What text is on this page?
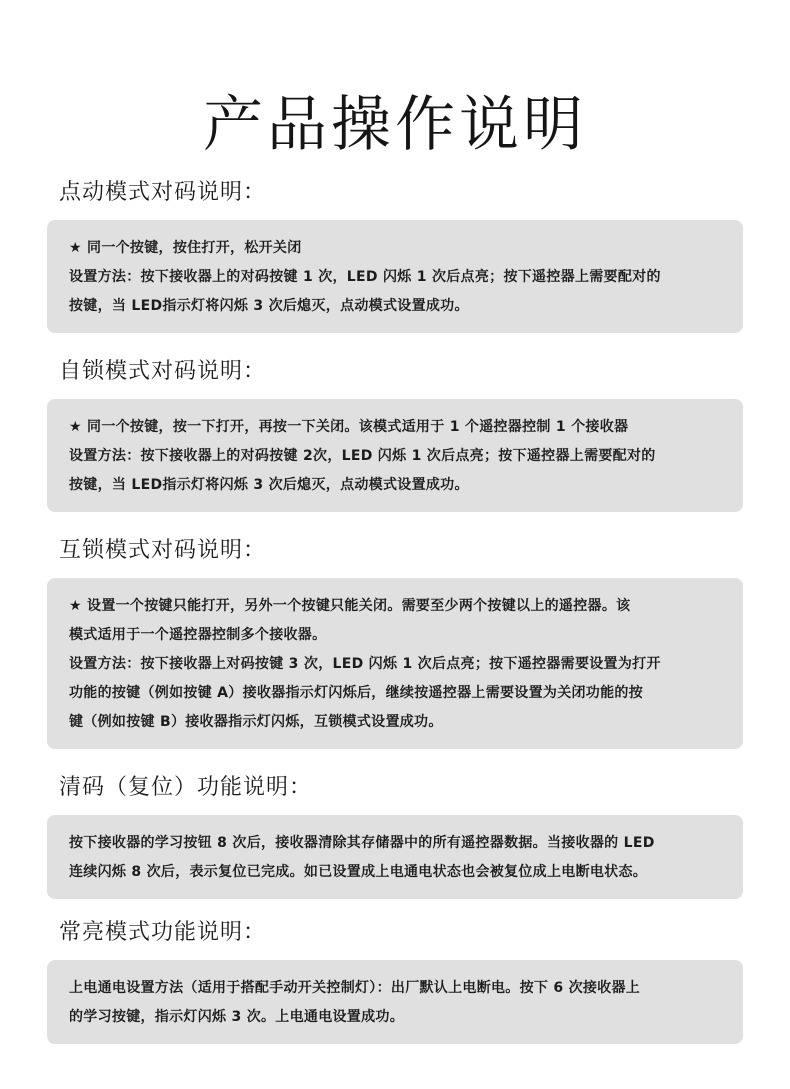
产品操作说明
点动模式对码说明：

★ 同一个按键，按住打开，松开关闭

设置方法：按下接收器上的对码按键 1 次，LED 闪烁 1 次后点亮；按下遥控器上需要配对的

按键，当 LED指示灯将闪烁 3 次后熄灭，点动模式设置成功。

自锁模式对码说明：

★ 同一个按键，按一下打开，再按一下关闭。该模式适用于 1 个遥控器控制 1 个接收器

设置方法：按下接收器上的对码按键 2次，LED 闪烁 1 次后点亮；按下遥控器上需要配对的

按键，当 LED指示灯将闪烁 3 次后熄灭，点动模式设置成功。

互锁模式对码说明：

★ 设置一个按键只能打开，另外一个按键只能关闭。需要至少两个按键以上的遥控器。该

模式适用于一个遥控器控制多个接收器。

设置方法：按下接收器上对码按键 3 次，LED 闪烁 1 次后点亮；按下遥控器需要设置为打开

功能的按键（例如按键 A）接收器指示灯闪烁后，继续按遥控器上需要设置为关闭功能的按

键（例如按键 B）接收器指示灯闪烁，互锁模式设置成功。

清码（复位）功能说明：

按下接收器的学习按钮 8 次后，接收器清除其存储器中的所有遥控器数据。当接收器的 LED

连续闪烁 8 次后，表示复位已完成。如已设置成上电通电状态也会被复位成上电断电状态。

常亮模式功能说明：

上电通电设置方法（适用于搭配手动开关控制灯）：出厂默认上电断电。按下 6 次接收器上

的学习按键，指示灯闪烁 3 次。上电通电设置成功。
